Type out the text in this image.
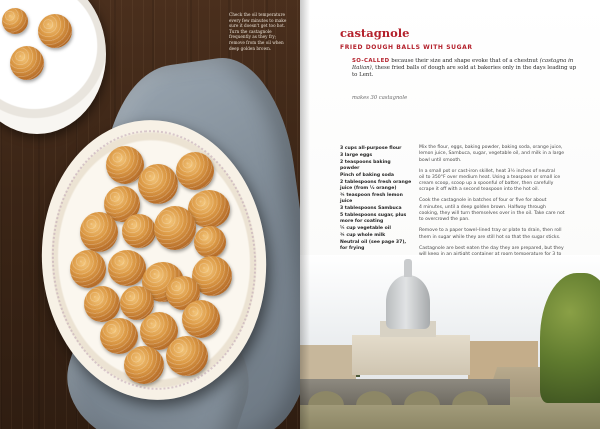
Check the oil temperature every few minutes to make sure it doesn't get too hot. Turn the castagnole frequently as they fry; remove from the oil when deep golden brown.
castagnole
FRIED DOUGH BALLS WITH SUGAR
SO-CALLED because their size and shape evoke that of a chestnut (castagna in Italian), these fried balls of dough are sold at bakeries only in the days leading up to Lent.
makes 30 castagnole
3 cups all-purpose flour
3 large eggs
2 teaspoons baking
powder
Pinch of baking soda
2 tablespoons fresh orange
juice (from ½ orange)
¾ teaspoon fresh lemon
juice
3 tablespoons Sambuca
5 tablespoons sugar, plus
more for coating
¼ cup vegetable oil
¾ cup whole milk
Neutral oil (see page 37),
for frying

Mix the flour, eggs, baking powder, baking soda, orange juice,
lemon juice, Sambuca, sugar, vegetable oil, and milk in a large
bowl until smooth.

In a small pot or cast-iron skillet, heat 3½ inches of neutral
oil to 350°F over medium heat. Using a teaspoon or small ice
cream scoop, scoop up a spoonful of batter, then carefully
scrape it off with a second teaspoon into the hot oil.

Cook the castagnole in batches of four or five for about
4 minutes, until a deep golden brown. Halfway through
cooking, they will turn themselves over in the oil. Take care not
to overcrowd the pan.

Remove to a paper towel–lined tray or plate to drain, then roll
them in sugar while they are still hot so that the sugar sticks.

Castagnole are best eaten the day they are prepared, but they
